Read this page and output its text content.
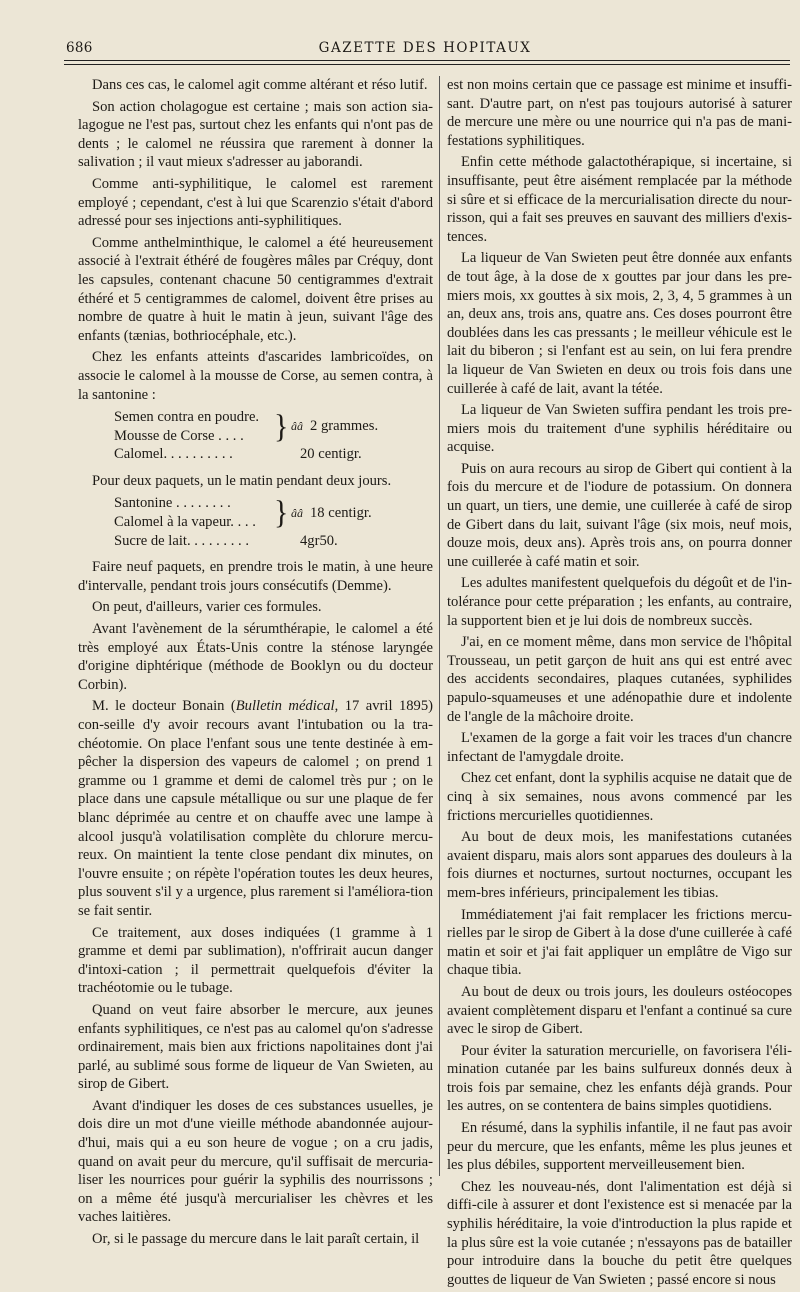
686	GAZETTE DES HOPITAUX

Dans ces cas, le calomel agit comme altérant et réso lutif.

Son action cholagogue est certaine ; mais son action sia-lagogue ne l'est pas, surtout chez les enfants qui n'ont pas de dents ; le calomel ne réussira que rarement à donner la salivation ; il vaut mieux s'adresser au jaborandi.

Comme anti-syphilitique, le calomel est rarement employé ; cependant, c'est à lui que Scarenzio s'était d'abord adressé pour ses injections anti-syphilitiques.

Comme anthelminthique, le calomel a été heureusement associé à l'extrait éthéré de fougères mâles par Créquy, dont les capsules, contenant chacune 50 centigrammes d'extrait éthéré et 5 centigrammes de calomel, doivent être prises au nombre de quatre à huit le matin à jeun, suivant l'âge des enfants (tænias, bothriocéphale, etc.).

Chez les enfants atteints d'ascarides lambricoïdes, on associe le calomel à la mousse de Corse, au semen contra, à la santonine :

Semen contra en poudre.
Mousse de Corse . . . .	} ââ 2 grammes.
Calomel. . . . . . . . . .	20 centigr.

Pour deux paquets, un le matin pendant deux jours.

Santonine . . . . . . . .
Calomel à la vapeur. . . . } ââ 18 centigr.
Sucre de lait. . . . . . . . .	4gr50.

Faire neuf paquets, en prendre trois le matin, à une heure d'intervalle, pendant trois jours consécutifs (Demme).

On peut, d'ailleurs, varier ces formules.

Avant l'avènement de la sérumthérapie, le calomel a été très employé aux États-Unis contre la sténose laryngée d'origine diphtérique (méthode de Booklyn ou du docteur Corbin).

M. le docteur Bonain (Bulletin médical, 17 avril 1895) con-seille d'y avoir recours avant l'intubation ou la tra-chéotomie. On place l'enfant sous une tente destinée à em-pêcher la dispersion des vapeurs de calomel ; on prend 1 gramme ou 1 gramme et demi de calomel très pur ; on le place dans une capsule métallique ou sur une plaque de fer blanc déprimée au centre et on chauffe avec une lampe à alcool jusqu'à volatilisation complète du chlorure mercu-reux. On maintient la tente close pendant dix minutes, on l'ouvre ensuite ; on répète l'opération toutes les deux heures, plus souvent s'il y a urgence, plus rarement si l'améliora-tion se fait sentir.

Ce traitement, aux doses indiquées (1 gramme à 1 gramme et demi par sublimation), n'offrirait aucun danger d'intoxi-cation ; il permettrait quelquefois d'éviter la trachéotomie ou le tubage.

Quand on veut faire absorber le mercure, aux jeunes enfants syphilitiques, ce n'est pas au calomel qu'on s'adresse ordinairement, mais bien aux frictions napolitaines dont j'ai parlé, au sublimé sous forme de liqueur de Van Swieten, au sirop de Gibert.

Avant d'indiquer les doses de ces substances usuelles, je dois dire un mot d'une vieille méthode abandonnée aujour-d'hui, mais qui a eu son heure de vogue ; on a cru jadis, quand on avait peur du mercure, qu'il suffisait de mercuria-liser les nourrices pour guérir la syphilis des nourrissons ; on a même été jusqu'à mercurialiser les chèvres et les vaches laitières.

Or, si le passage du mercure dans le lait paraît certain, il

est non moins certain que ce passage est minime et insuffi-sant. D'autre part, on n'est pas toujours autorisé à saturer de mercure une mère ou une nourrice qui n'a pas de mani-festations syphilitiques.

Enfin cette méthode galactothérapique, si incertaine, si insuffisante, peut être aisément remplacée par la méthode si sûre et si efficace de la mercurialisation directe du nour-risson, qui a fait ses preuves en sauvant des milliers d'exis-tences.

La liqueur de Van Swieten peut être donnée aux enfants de tout âge, à la dose de x gouttes par jour dans les pre-miers mois, xx gouttes à six mois, 2, 3, 4, 5 grammes à un an, deux ans, trois ans, quatre ans. Ces doses pourront être doublées dans les cas pressants ; le meilleur véhicule est le lait du biberon ; si l'enfant est au sein, on lui fera prendre la liqueur de Van Swieten en deux ou trois fois dans une cuillerée à café de lait, avant la tétée.

La liqueur de Van Swieten suffira pendant les trois pre-miers mois du traitement d'une syphilis héréditaire ou acquise.

Puis on aura recours au sirop de Gibert qui contient à la fois du mercure et de l'iodure de potassium. On donnera un quart, un tiers, une demie, une cuillerée à café de sirop de Gibert dans du lait, suivant l'âge (six mois, neuf mois, douze mois, deux ans). Après trois ans, on pourra donner une cuillerée à café matin et soir.

Les adultes manifestent quelquefois du dégoût et de l'in-tolérance pour cette préparation ; les enfants, au contraire, la supportent bien et je lui dois de nombreux succès.

J'ai, en ce moment même, dans mon service de l'hôpital Trousseau, un petit garçon de huit ans qui est entré avec des accidents secondaires, plaques cutanées, syphilides papulo-squameuses et une adénopathie dure et indolente de l'angle de la mâchoire droite.

L'examen de la gorge a fait voir les traces d'un chancre infectant de l'amygdale droite.

Chez cet enfant, dont la syphilis acquise ne datait que de cinq à six semaines, nous avons commencé par les frictions mercurielles quotidiennes.

Au bout de deux mois, les manifestations cutanées avaient disparu, mais alors sont apparues des douleurs à la fois diurnes et nocturnes, surtout nocturnes, occupant les mem-bres inférieurs, principalement les tibias.

Immédiatement j'ai fait remplacer les frictions mercu-rielles par le sirop de Gibert à la dose d'une cuillerée à café matin et soir et j'ai fait appliquer un emplâtre de Vigo sur chaque tibia.

Au bout de deux ou trois jours, les douleurs ostéocopes avaient complètement disparu et l'enfant a continué sa cure avec le sirop de Gibert.

Pour éviter la saturation mercurielle, on favorisera l'éli-mination cutanée par les bains sulfureux donnés deux à trois fois par semaine, chez les enfants déjà grands. Pour les autres, on se contentera de bains simples quotidiens.

En résumé, dans la syphilis infantile, il ne faut pas avoir peur du mercure, que les enfants, même les plus jeunes et les plus débiles, supportent merveilleusement bien.

Chez les nouveau-nés, dont l'alimentation est déjà si diffi-cile à assurer et dont l'existence est si menacée par la syphilis héréditaire, la voie d'introduction la plus rapide et la plus sûre est la voie cutanée ; n'essayons pas de batailler pour introduire dans la bouche du petit être quelques gouttes de liqueur de Van Swieten ; passé encore si nous
